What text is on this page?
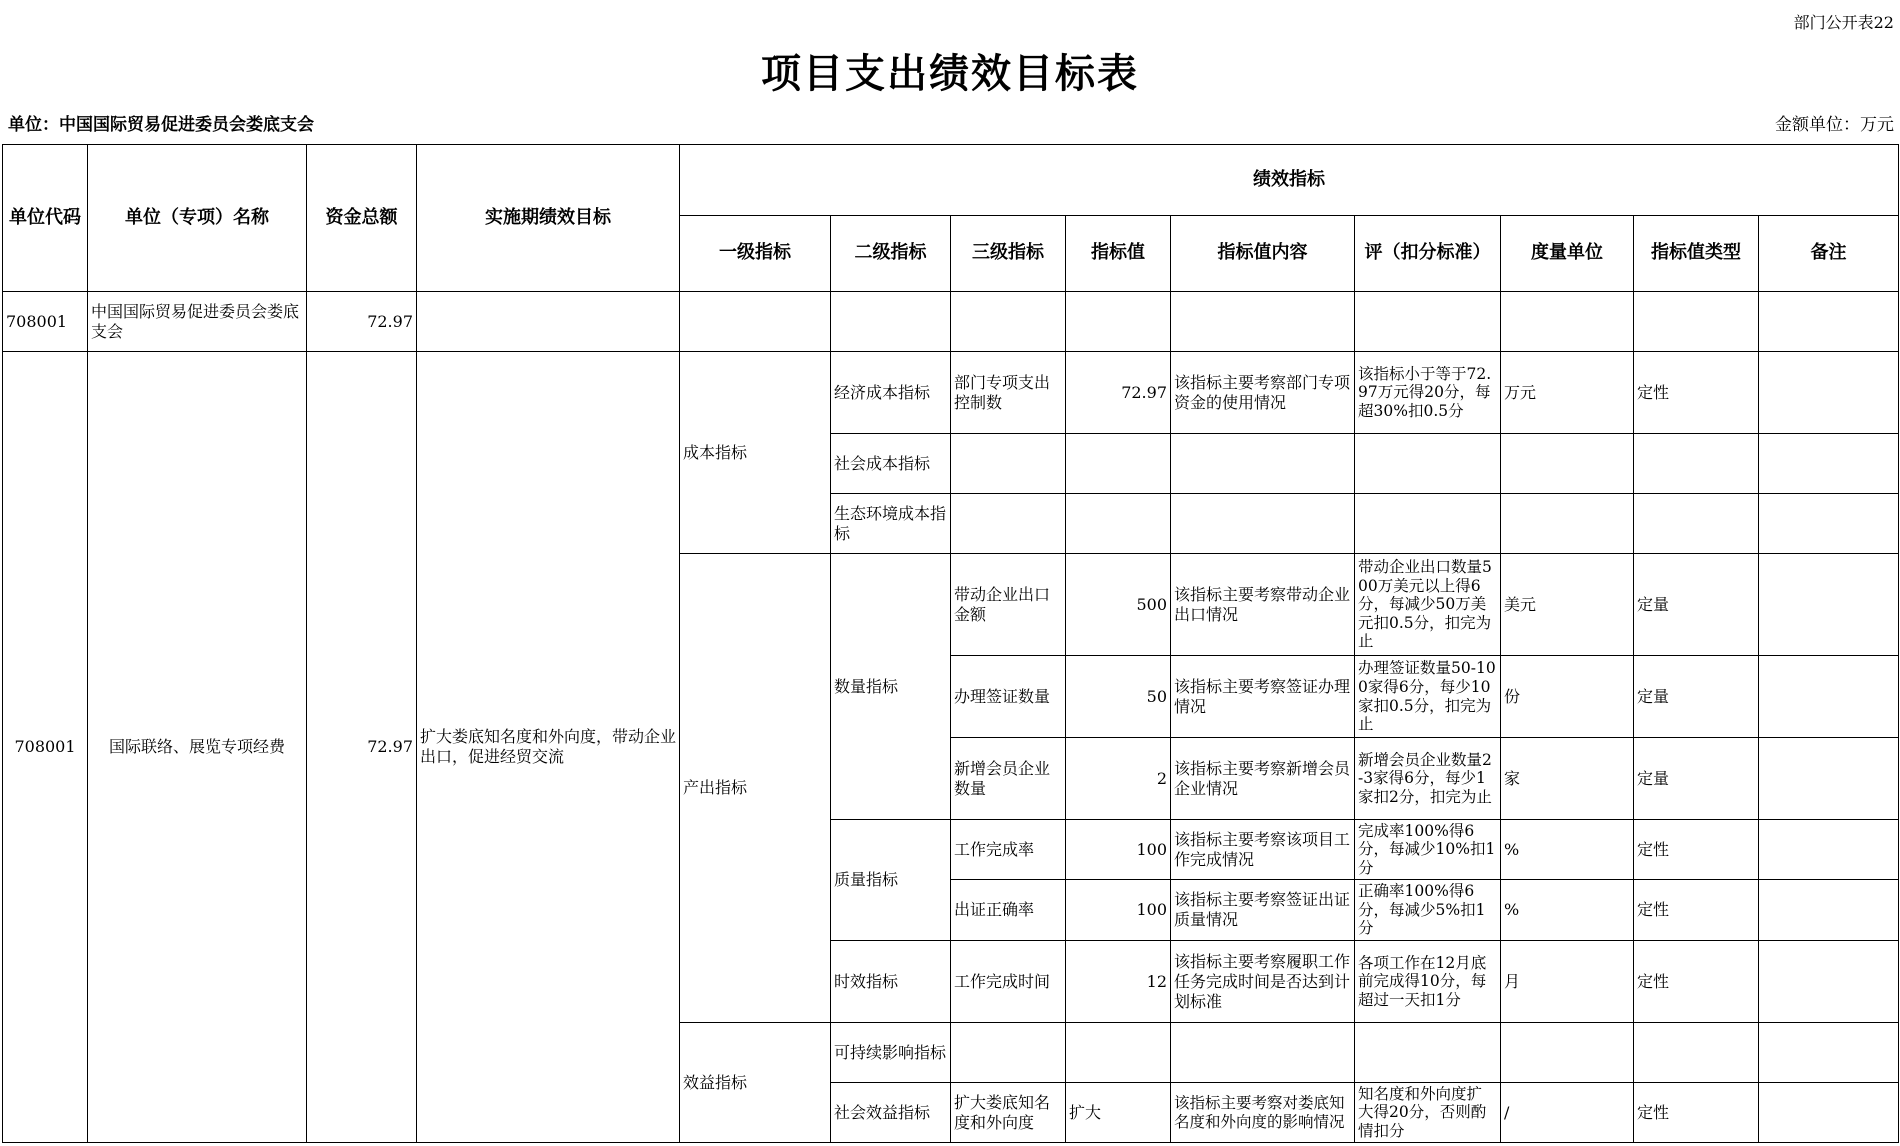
部门公开表22
项目支出绩效目标表
单位：中国国际贸易促进委员会娄底支会	金额单位：万元
单位代码	单位（专项）名称	资金总额	实施期绩效目标	绩效指标								
				一级指标	二级指标	三级指标	指标值	指标值内容	评（扣分标准）	度量单位	指标值类型	备注
708001	中国国际贸易促进委员会娄底支会	72.97										
708001	国际联络、展览专项经费	72.97	扩大娄底知名度和外向度，带动企业出口，促进经贸交流	成本指标	经济成本指标	部门专项支出控制数	72.97	该指标主要考察部门专项资金的使用情况	该指标小于等于72.97万元得20分，每超30%扣0.5分	万元	定性	
					社会成本指标							
					生态环境成本指标							
				产出指标	数量指标	带动企业出口金额	500	该指标主要考察带动企业出口情况	带动企业出口数量500万美元以上得6分，每减少50万美元扣0.5分，扣完为止	美元	定量	
						办理签证数量	50	该指标主要考察签证办理情况	办理签证数量50-100家得6分，每少10家扣0.5分，扣完为止	份	定量	
						新增会员企业数量	2	该指标主要考察新增会员企业情况	新增会员企业数量2-3家得6分，每少1家扣2分，扣完为止	家	定量	
					质量指标	工作完成率	100	该指标主要考察该项目工作完成情况	完成率100%得6分，每减少10%扣1分	%	定性	
						出证正确率	100	该指标主要考察签证出证质量情况	正确率100%得6分，每减少5%扣1分	%	定性	
					时效指标	工作完成时间	12	该指标主要考察履职工作任务完成时间是否达到计划标准	各项工作在12月底前完成得10分，每超过一天扣1分	月	定性	
				效益指标	可持续影响指标							
					社会效益指标	扩大娄底知名度和外向度	扩大	该指标主要考察对娄底知名度和外向度的影响情况	知名度和外向度扩大得20分，否则酌情扣分	/	定性	
